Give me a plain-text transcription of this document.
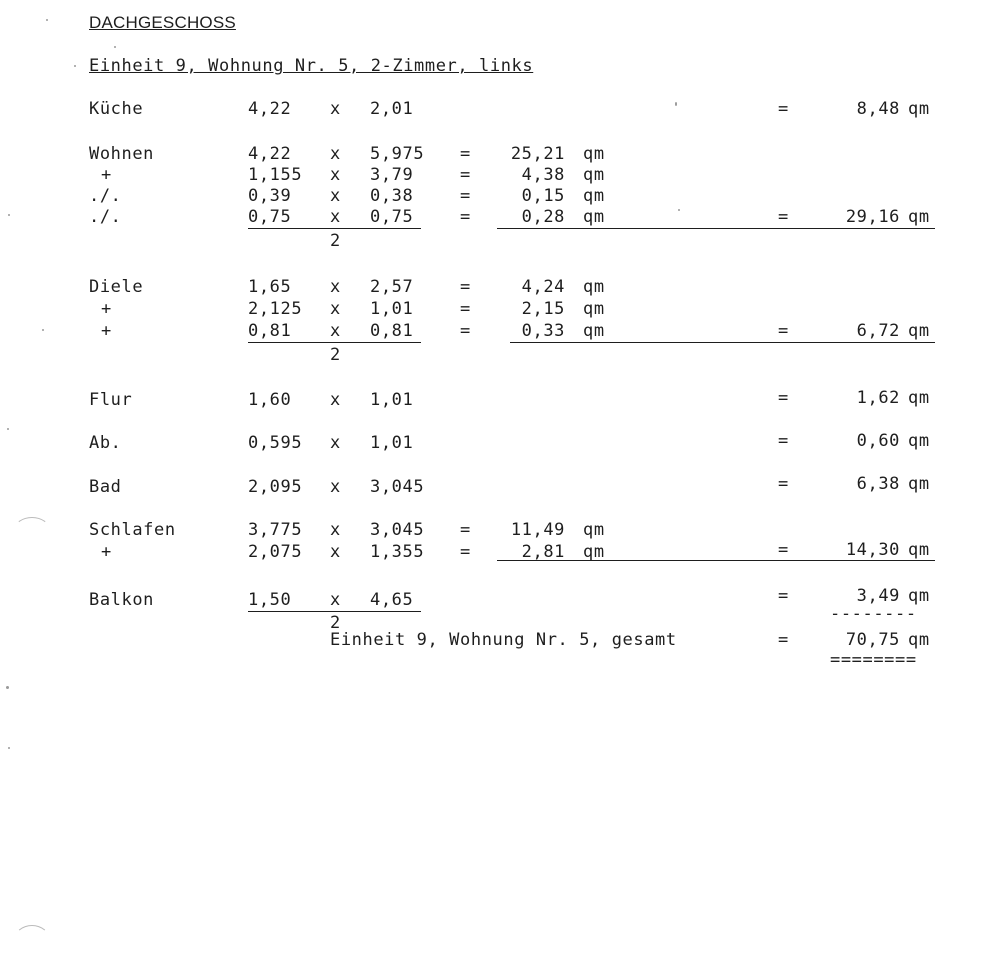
DACHGESCHOSS
Einheit 9, Wohnung Nr. 5, 2-Zimmer, links
Küche	4,22 x 2,01	=	8,48 qm
Wohnen	4,22 x 5,975 =	25,21 qm
+	1,155 x 3,79	=	4,38 qm
./.	0,39 x 0,38	=	0,15 qm
./.	0,75 x 0,75	=	0,28 qm	=	29,16 qm
2
Diele	1,65 x 2,57	=	4,24 qm
+	2,125 x 1,01	=	2,15 qm
+	0,81 x 0,81	=	0,33 qm	=	6,72 qm
2
Flur	1,60 x 1,01	=	1,62 qm
Ab.	0,595 x 1,01	=	0,60 qm
Bad	2,095 x 3,045	=	6,38 qm
Schlafen	3,775 x 3,045 =	11,49 qm
+	2,075 x 1,355 =	2,81 qm	=	14,30 qm
Balkon	1,50 x 4,65	=	3,49 qm
2	--------
Einheit 9, Wohnung Nr. 5, gesamt	=	70,75 qm
========
